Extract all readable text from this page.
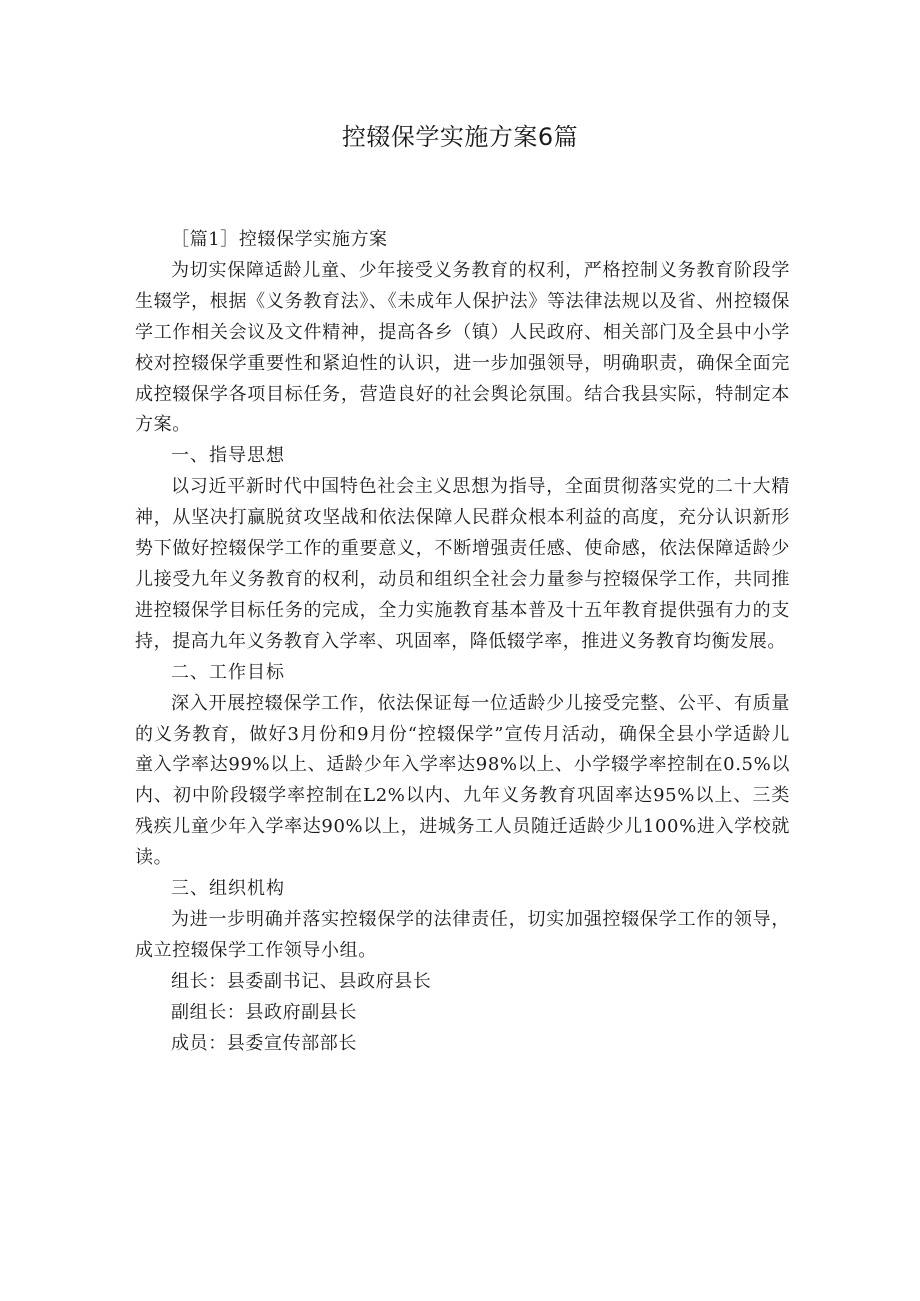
控辍保学实施方案6篇

［篇1］控辍保学实施方案

为切实保障适龄儿童、少年接受义务教育的权利，严格控制义务教育阶段学生辍学，根据《义务教育法》、《未成年人保护法》等法律法规以及省、州控辍保学工作相关会议及文件精神，提高各乡（镇）人民政府、相关部门及全县中小学校对控辍保学重要性和紧迫性的认识，进一步加强领导，明确职责，确保全面完成控辍保学各项目标任务，营造良好的社会舆论氛围。结合我县实际，特制定本方案。

一、指导思想

以习近平新时代中国特色社会主义思想为指导，全面贯彻落实党的二十大精神，从坚决打赢脱贫攻坚战和依法保障人民群众根本利益的高度，充分认识新形势下做好控辍保学工作的重要意义，不断增强责任感、使命感，依法保障适龄少儿接受九年义务教育的权利，动员和组织全社会力量参与控辍保学工作，共同推进控辍保学目标任务的完成，全力实施教育基本普及十五年教育提供强有力的支持，提高九年义务教育入学率、巩固率，降低辍学率，推进义务教育均衡发展。

二、工作目标

深入开展控辍保学工作，依法保证每一位适龄少儿接受完整、公平、有质量的义务教育，做好3月份和9月份“控辍保学”宣传月活动，确保全县小学适龄儿童入学率达99%以上、适龄少年入学率达98%以上、小学辍学率控制在0.5%以内、初中阶段辍学率控制在L2%以内、九年义务教育巩固率达95%以上、三类残疾儿童少年入学率达90%以上，进城务工人员随迁适龄少儿100%进入学校就读。

三、组织机构

为进一步明确并落实控辍保学的法律责任，切实加强控辍保学工作的领导，成立控辍保学工作领导小组。

组长：县委副书记、县政府县长

副组长：县政府副县长

成员：县委宣传部部长
